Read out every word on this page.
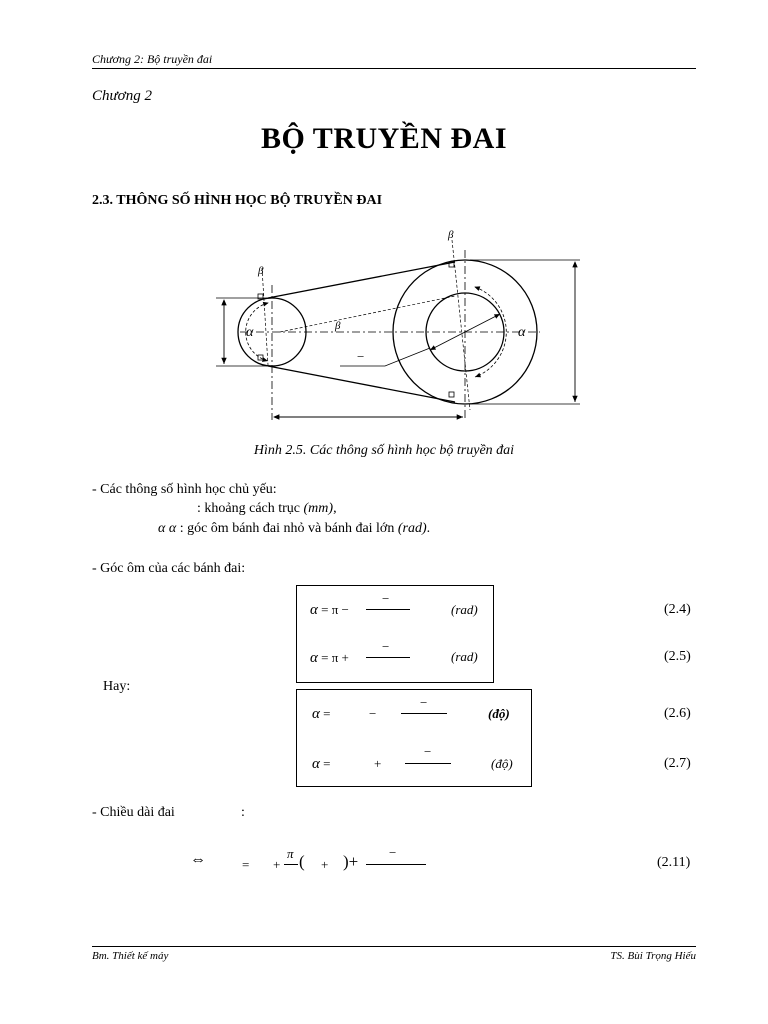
Chương 2: Bộ truyền đai
Chương 2
BỘ TRUYỀN ĐAI
2.3. THÔNG SỐ HÌNH HỌC BỘ TRUYỀN ĐAI
β
β
β
α	α
−
Hình 2.5. Các thông số hình học bộ truyền đai
- Các thông số hình học chủ yếu:
: khoảng cách trục (mm),
α α : góc ôm bánh đai nhỏ và bánh đai lớn (rad).
- Góc ôm của các bánh đai:
α = π −
−
(rad)	(2.4)
α = π +
−
(rad)	(2.5)
Hay:
α =	−
−
(độ)	(2.6)
α =	+
−
(độ)	(2.7)
- Chiều dài đai	:
⇔	= +
π ( + )+ −
(2.11)
Bm. Thiết kế máy	TS. Bùi Trọng Hiếu
